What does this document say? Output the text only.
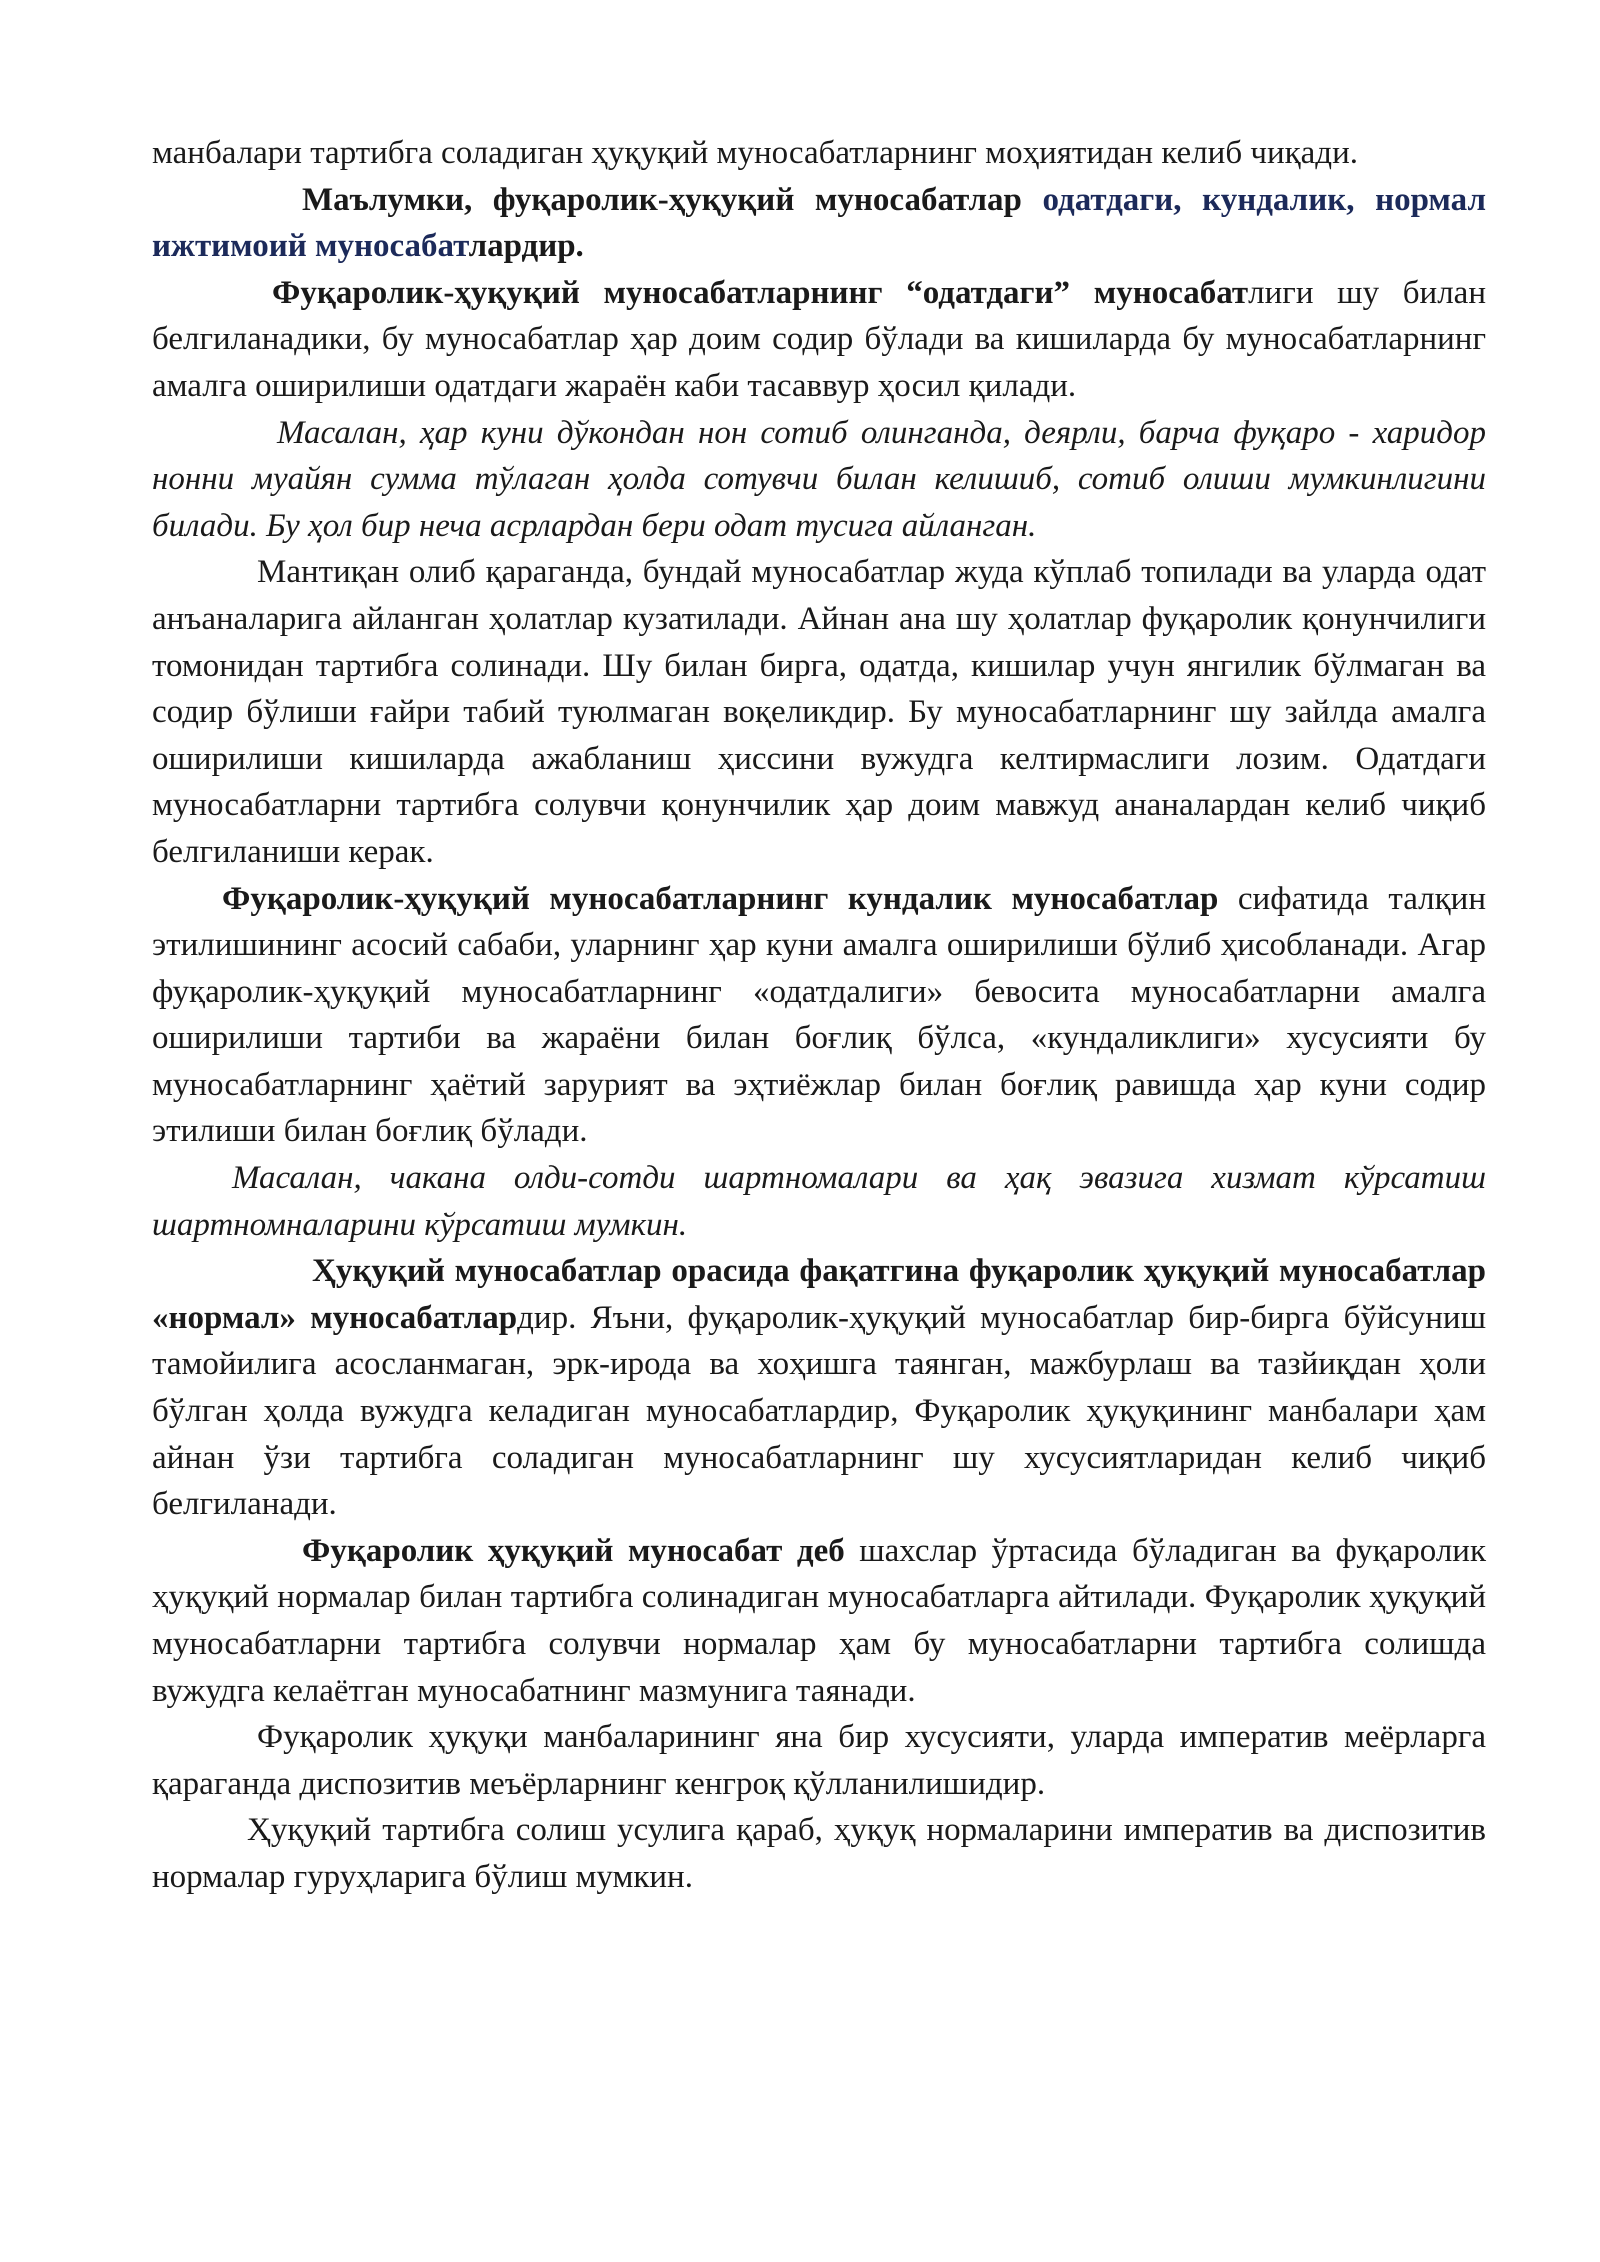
манбалари тартибга соладиган ҳуқуқий муносабатларнинг моҳиятидан келиб чиқади.

Маълумки, фуқаролик-ҳуқуқий муносабатлар одатдаги, кундалик, нормал ижтимоий муносабатлардир.

Фуқаролик-ҳуқуқий муносабатларнинг “одатдаги” муносабатлиги шу билан белгиланадики, бу муносабатлар ҳар доим содир бўлади ва кишиларда бу муносабатларнинг амалга оширилиши одатдаги жараён каби тасаввур ҳосил қилади.

Масалан, ҳар куни дўкондан нон сотиб олинганда, деярли, барча фуқаро - харидор нонни муайян сумма тўлаган ҳолда сотувчи билан келишиб, сотиб олиши мумкинлигини билади. Бу ҳол бир неча асрлардан бери одат тусига айланган.

Мантиқан олиб қараганда, бундай муносабатлар жуда кўплаб топилади ва уларда одат анъаналарига айланган ҳолатлар кузатилади. Айнан ана шу ҳолатлар фуқаролик қонунчилиги томонидан тартибга солинади. Шу билан бирга, одатда, кишилар учун янгилик бўлмаган ва содир бўлиши ғайри табий туюлмаган воқеликдир. Бу муносабатларнинг шу зайлда амалга оширилиши кишиларда ажабланиш ҳиссини вужудга келтирмаслиги лозим. Одатдаги муносабатларни тартибга солувчи қонунчилик ҳар доим мавжуд ананалардан келиб чиқиб белгиланиши керак.

Фуқаролик-ҳуқуқий муносабатларнинг кундалик муносабатлар сифатида талқин этилишининг асосий сабаби, уларнинг ҳар куни амалга оширилиши бўлиб ҳисобланади. Агар фуқаролик-ҳуқуқий муносабатларнинг «одатдалиги» бевосита муносабатларни амалга оширилиши тартиби ва жараёни билан боғлиқ бўлса, «кундаликлиги» хусусияти бу муносабатларнинг ҳаётий зарурият ва эҳтиёжлар билан боғлиқ равишда ҳар куни содир этилиши билан боғлиқ бўлади.

Масалан, чакана олди-сотди шартномалари ва ҳақ эвазига хизмат кўрсатиш шартномналарини кўрсатиш мумкин.

Ҳуқуқий муносабатлар орасида фақатгина фуқаролик ҳуқуқий муносабатлар «нормал» муносабатлардир. Яъни, фуқаролик-ҳуқуқий муносабатлар бир-бирга бўйсуниш тамойилига асосланмаган, эрк-ирода ва хоҳишга таянган, мажбурлаш ва тазйиқдан ҳоли бўлган ҳолда вужудга келадиган муносабатлардир, Фуқаролик ҳуқуқининг манбалари ҳам айнан ўзи тартибга соладиган муносабатларнинг шу хусусиятларидан келиб чиқиб белгиланади.

Фуқаролик ҳуқуқий муносабат деб шахслар ўртасида бўладиган ва фуқаролик ҳуқуқий нормалар билан тартибга солинадиган муносабатларга айтилади. Фуқаролик ҳуқуқий муносабатларни тартибга солувчи нормалар ҳам бу муносабатларни тартибга солишда вужудга келаётган муносабатнинг мазмунига таянади.

Фуқаролик ҳуқуқи манбаларининг яна бир хусусияти, уларда императив меёрларга қараганда диспозитив меъёрларнинг кенгроқ қўлланилишидир.

Ҳуқуқий тартибга солиш усулига қараб, ҳуқуқ нормаларини императив ва диспозитив нормалар гуруҳларига бўлиш мумкин.
